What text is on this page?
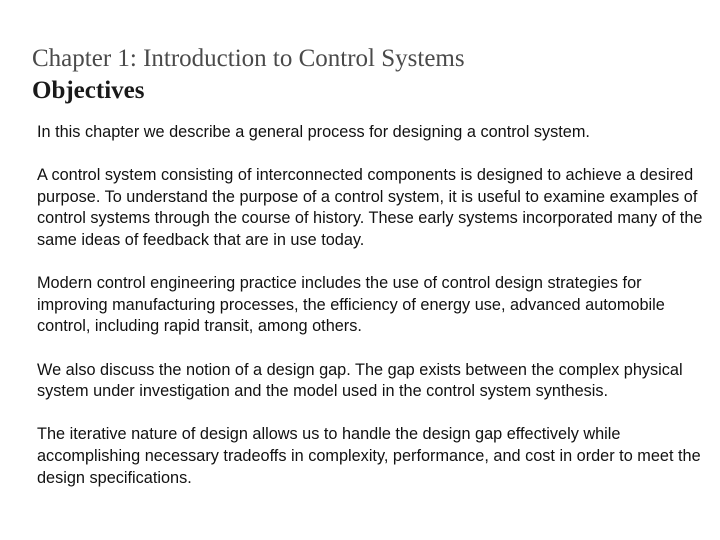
Chapter 1: Introduction to Control Systems
Objectives

In this chapter we describe a general process for designing a control system.

A control system consisting of interconnected components is designed to achieve a desired purpose. To understand the purpose of a control system, it is useful to examine examples of control systems through the course of history. These early systems incorporated many of the same ideas of feedback that are in use today.

Modern control engineering practice includes the use of control design strategies for improving manufacturing processes, the efficiency of energy use, advanced automobile control, including rapid transit, among others.

We also discuss the notion of a design gap. The gap exists between the complex physical system under investigation and the model used in the control system synthesis.

The iterative nature of design allows us to handle the design gap effectively while accomplishing necessary tradeoffs in complexity, performance, and cost in order to meet the design specifications.
